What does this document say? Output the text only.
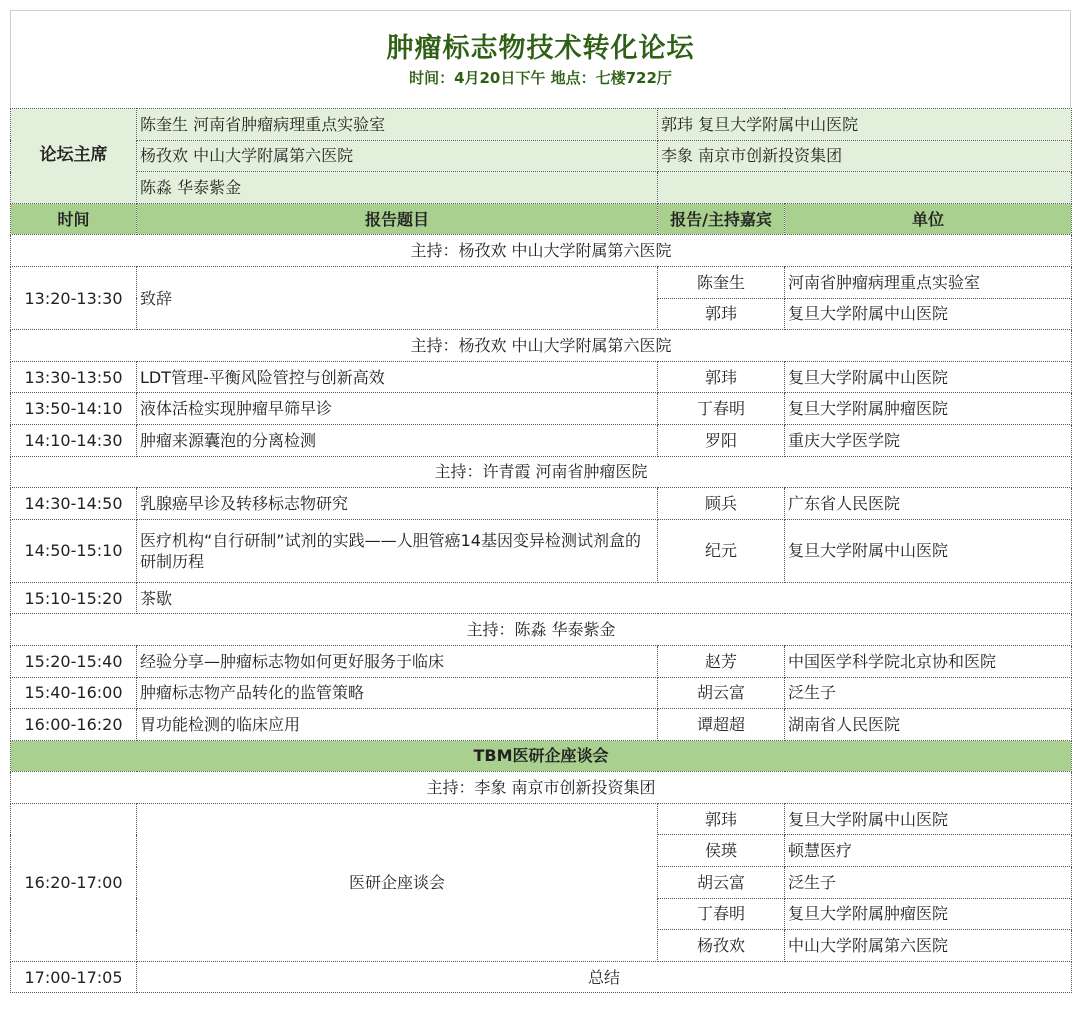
肿瘤标志物技术转化论坛
时间：4月20日下午 地点：七楼722厅
论坛主席	陈奎生 河南省肿瘤病理重点实验室	郭玮 复旦大学附属中山医院	
	杨孜欢 中山大学附属第六医院	李象 南京市创新投资集团	
	陈淼 华泰紫金		
时间	报告题目	报告/主持嘉宾	单位
主持：杨孜欢 中山大学附属第六医院			
13:20-13:30	致辞	陈奎生	河南省肿瘤病理重点实验室
		郭玮	复旦大学附属中山医院
主持：杨孜欢 中山大学附属第六医院			
13:30-13:50	LDT管理-平衡风险管控与创新高效	郭玮	复旦大学附属中山医院
13:50-14:10	液体活检实现肿瘤早筛早诊	丁春明	复旦大学附属肿瘤医院
14:10-14:30	肿瘤来源囊泡的分离检测	罗阳	重庆大学医学院
主持：许青霞 河南省肿瘤医院			
14:30-14:50	乳腺癌早诊及转移标志物研究	顾兵	广东省人民医院
14:50-15:10	医疗机构“自行研制”试剂的实践——人胆管癌14基因变异检测试剂盒的研制历程	纪元	复旦大学附属中山医院
15:10-15:20	茶歇		
主持：陈淼 华泰紫金			
15:20-15:40	经验分享—肿瘤标志物如何更好服务于临床	赵芳	中国医学科学院北京协和医院
15:40-16:00	肿瘤标志物产品转化的监管策略	胡云富	泛生子
16:00-16:20	胃功能检测的临床应用	谭超超	湖南省人民医院
TBM医研企座谈会			
主持：李象 南京市创新投资集团			
16:20-17:00	医研企座谈会	郭玮	复旦大学附属中山医院
		侯瑛	顿慧医疗
		胡云富	泛生子
		丁春明	复旦大学附属肿瘤医院
		杨孜欢	中山大学附属第六医院
17:00-17:05	总结		
